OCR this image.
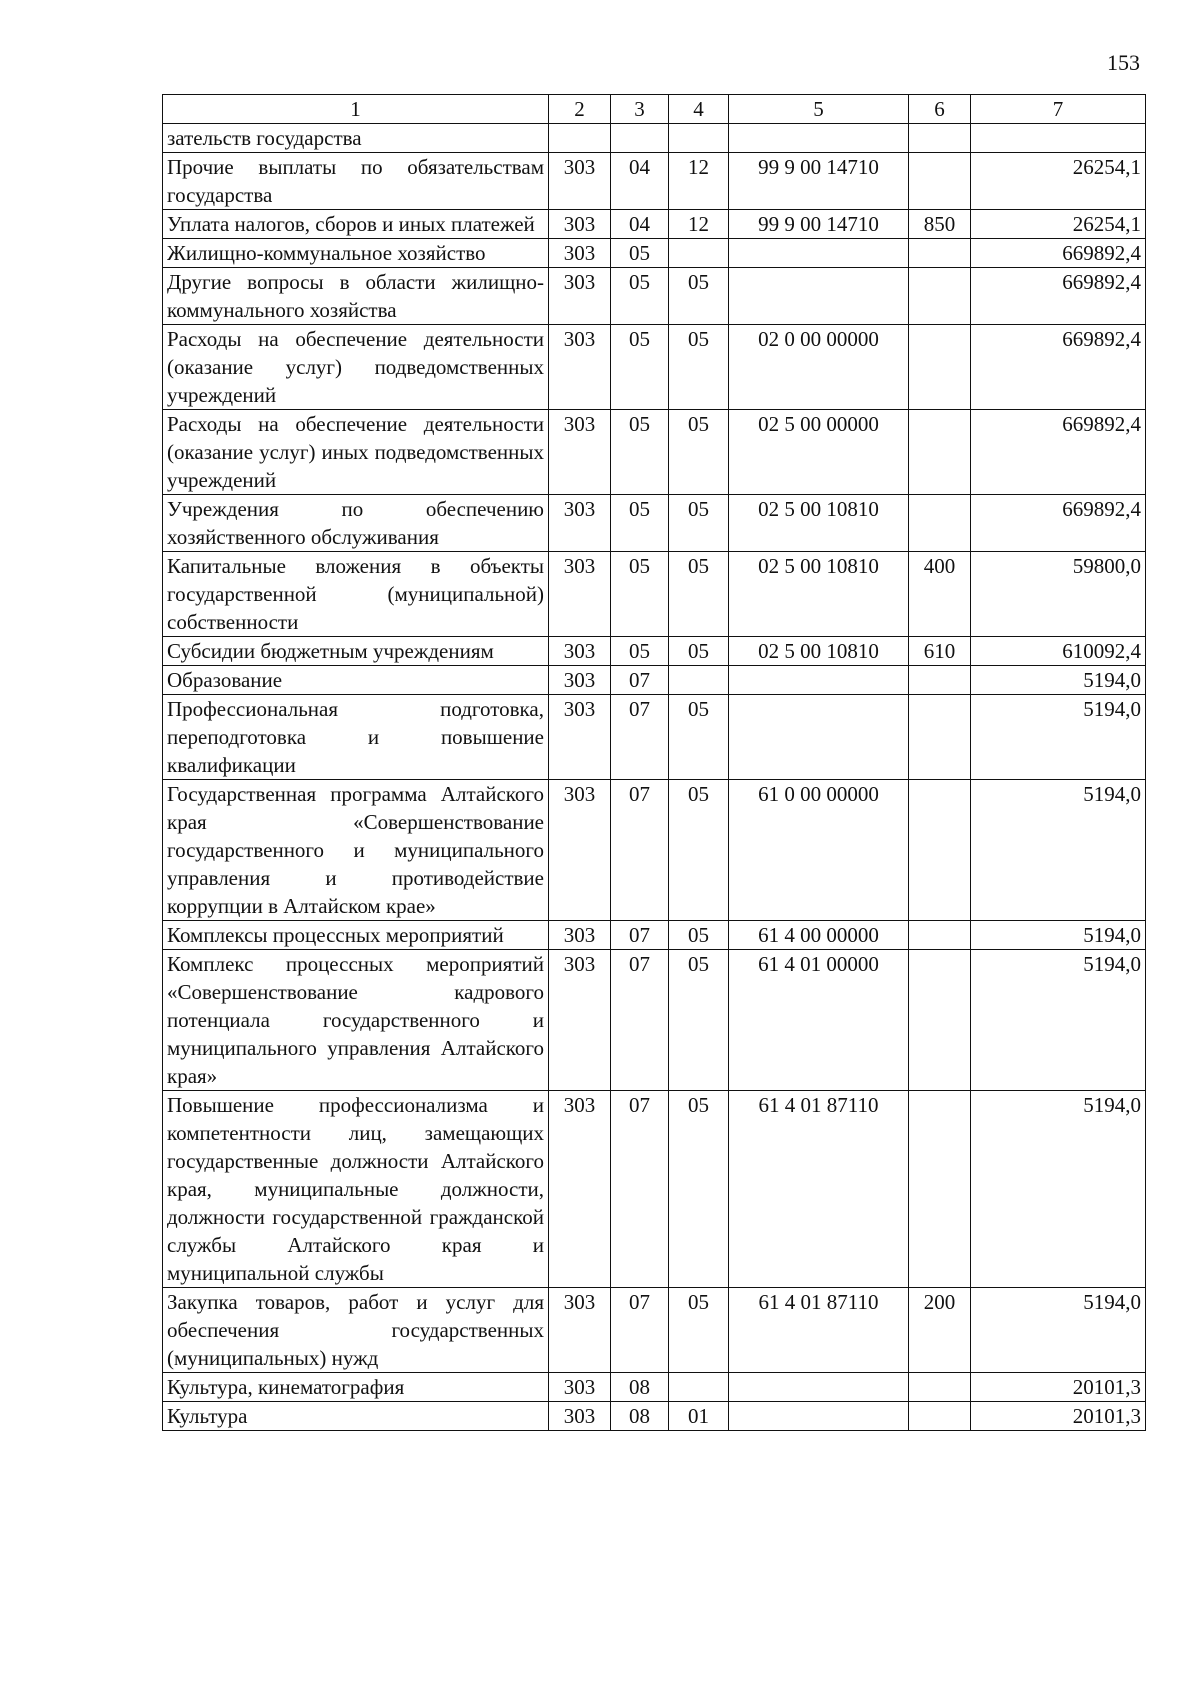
153
1	2	3	4	5	6	7
зательств государства						
Прочие выплаты по обязательствам государства	303	04	12	99 9 00 14710		26254,1
Уплата налогов, сборов и иных платежей	303	04	12	99 9 00 14710	850	26254,1
Жилищно-коммунальное хозяйство	303	05				669892,4
Другие вопросы в области жилищно-коммунального хозяйства	303	05	05			669892,4
Расходы на обеспечение деятельности (оказание услуг) подведомственных учреждений	303	05	05	02 0 00 00000		669892,4
Расходы на обеспечение деятельности (оказание услуг) иных подведомственных учреждений	303	05	05	02 5 00 00000		669892,4
Учреждения по обеспечению хозяйственного обслуживания	303	05	05	02 5 00 10810		669892,4
Капитальные вложения в объекты государственной (муниципальной) собственности	303	05	05	02 5 00 10810	400	59800,0
Субсидии бюджетным учреждениям	303	05	05	02 5 00 10810	610	610092,4
Образование	303	07				5194,0
Профессиональная подготовка, переподготовка и повышение квалификации	303	07	05			5194,0
Государственная программа Алтайского края «Совершенствование государственного и муниципального управления и противодействие коррупции в Алтайском крае»	303	07	05	61 0 00 00000		5194,0
Комплексы процессных мероприятий	303	07	05	61 4 00 00000		5194,0
Комплекс процессных мероприятий «Совершенствование кадрового потенциала государственного и муниципального управления Алтайского края»	303	07	05	61 4 01 00000		5194,0
Повышение профессионализма и компетентности лиц, замещающих государственные должности Алтайского края, муниципальные должности, должности государственной гражданской службы Алтайского края и муниципальной службы	303	07	05	61 4 01 87110		5194,0
Закупка товаров, работ и услуг для обеспечения государственных (муниципальных) нужд	303	07	05	61 4 01 87110	200	5194,0
Культура, кинематография	303	08				20101,3
Культура	303	08	01			20101,3
